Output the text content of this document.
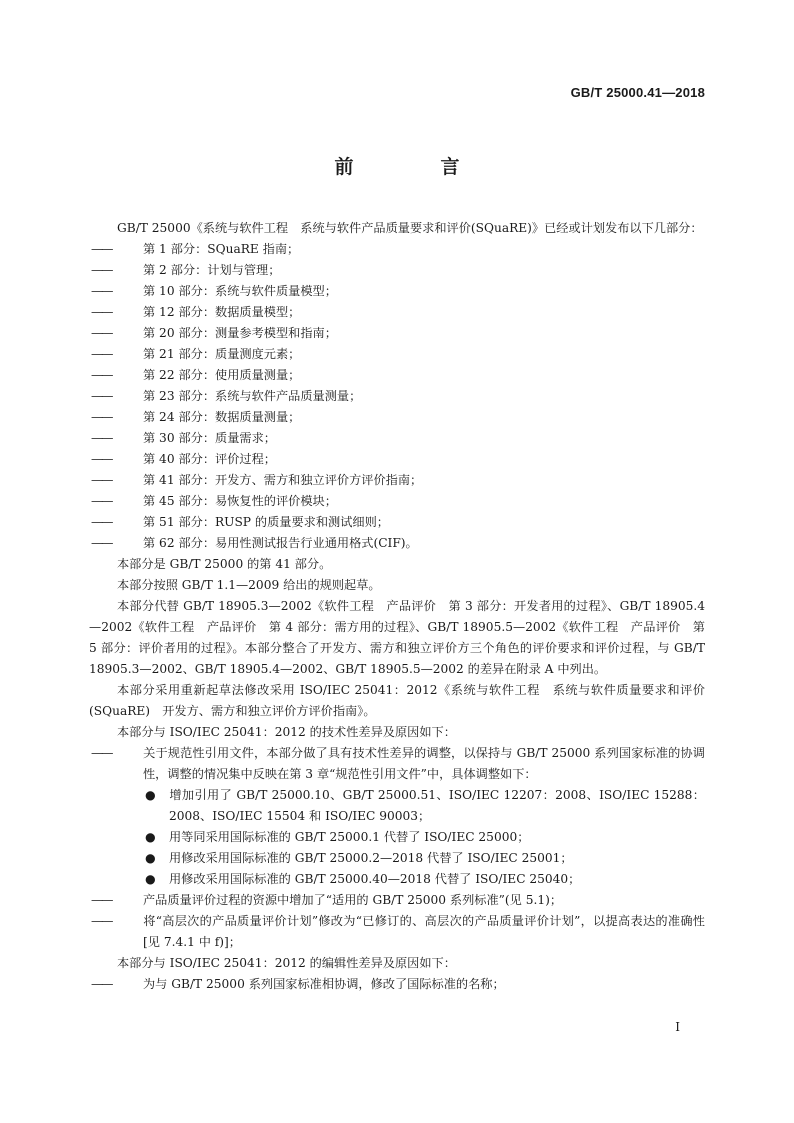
GB/T 25000.41—2018
前　言

GB/T 25000《系统与软件工程　系统与软件产品质量要求和评价(SQuaRE)》已经或计划发布以下几部分：

——	第 1 部分：SQuaRE 指南；

——	第 2 部分：计划与管理；

——	第 10 部分：系统与软件质量模型；

——	第 12 部分：数据质量模型；

——	第 20 部分：测量参考模型和指南；

——	第 21 部分：质量测度元素；

——	第 22 部分：使用质量测量；

——	第 23 部分：系统与软件产品质量测量；

——	第 24 部分：数据质量测量；

——	第 30 部分：质量需求；

——	第 40 部分：评价过程；

——	第 41 部分：开发方、需方和独立评价方评价指南；

——	第 45 部分：易恢复性的评价模块；

——	第 51 部分：RUSP 的质量要求和测试细则；

——	第 62 部分：易用性测试报告行业通用格式(CIF)。

本部分是 GB/T 25000 的第 41 部分。

本部分按照 GB/T 1.1—2009 给出的规则起草。

本部分代替 GB/T 18905.3—2002《软件工程　产品评价　第 3 部分：开发者用的过程》、GB/T 18905.4—2002《软件工程　产品评价　第 4 部分：需方用的过程》、GB/T 18905.5—2002《软件工程　产品评价　第 5 部分：评价者用的过程》。本部分整合了开发方、需方和独立评价方三个角色的评价要求和评价过程，与 GB/T 18905.3—2002、GB/T 18905.4—2002、GB/T 18905.5—2002 的差异在附录 A 中列出。

本部分采用重新起草法修改采用 ISO/IEC 25041：2012《系统与软件工程　系统与软件质量要求和评价(SQuaRE)　开发方、需方和独立评价方评价指南》。

本部分与 ISO/IEC 25041：2012 的技术性差异及原因如下：

——	关于规范性引用文件，本部分做了具有技术性差异的调整，以保持与 GB/T 25000 系列国家标准的协调性，调整的情况集中反映在第 3 章“规范性引用文件”中，具体调整如下：

● 增加引用了 GB/T 25000.10、GB/T 25000.51、ISO/IEC 12207：2008、ISO/IEC 15288：2008、ISO/IEC 15504 和 ISO/IEC 90003；

● 用等同采用国际标准的 GB/T 25000.1 代替了 ISO/IEC 25000；

● 用修改采用国际标准的 GB/T 25000.2—2018 代替了 ISO/IEC 25001；

● 用修改采用国际标准的 GB/T 25000.40—2018 代替了 ISO/IEC 25040；

——	产品质量评价过程的资源中增加了“适用的 GB/T 25000 系列标准”(见 5.1)；

——	将“高层次的产品质量评价计划”修改为“已修订的、高层次的产品质量评价计划”，以提高表达的准确性[见 7.4.1 中 f)]；

本部分与 ISO/IEC 25041：2012 的编辑性差异及原因如下：

——	为与 GB/T 25000 系列国家标准相协调，修改了国际标准的名称；

I
